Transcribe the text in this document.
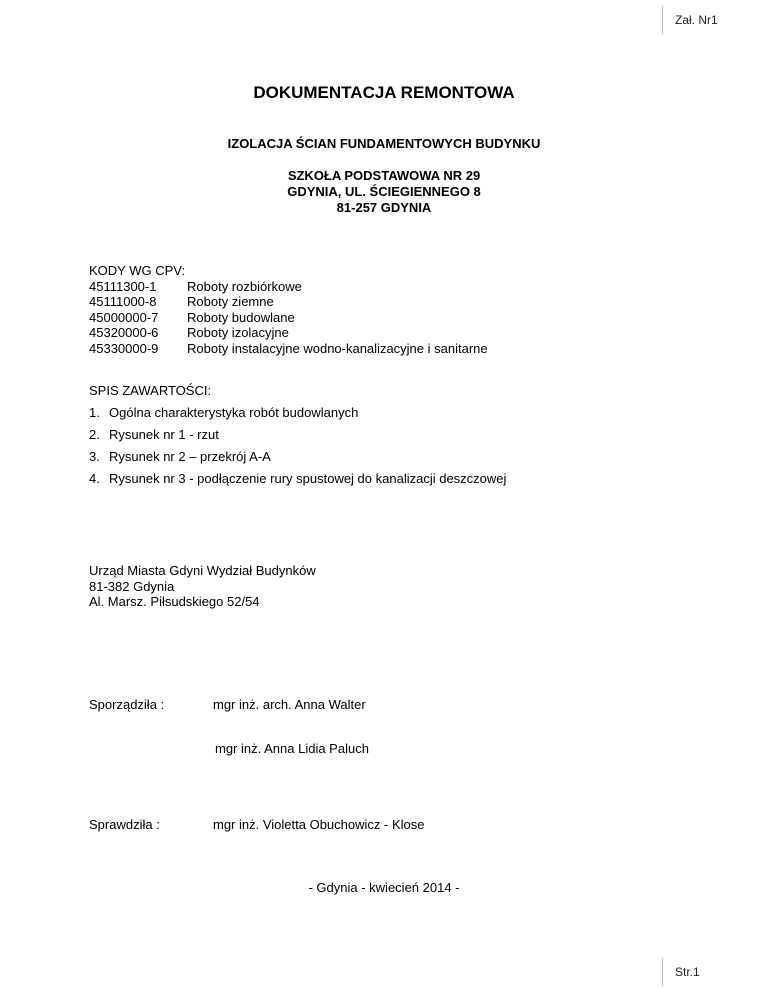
Zał. Nr1
DOKUMENTACJA REMONTOWA
IZOLACJA ŚCIAN FUNDAMENTOWYCH BUDYNKU
SZKOŁA PODSTAWOWA NR 29
GDYNIA, UL. ŚCIEGIENNEGO 8
81-257 GDYNIA
KODY WG CPV:
45111300-1	Roboty rozbiórkowe
45111000-8	Roboty ziemne
45000000-7	Roboty budowlane
45320000-6	Roboty izolacyjne
45330000-9	Roboty instalacyjne wodno-kanalizacyjne i sanitarne
SPIS ZAWARTOŚCI:
1. Ogólna charakterystyka robót budowlanych
2. Rysunek nr 1 - rzut
3. Rysunek nr 2 – przekrój A-A
4. Rysunek nr 3 - podłączenie rury spustowej do kanalizacji deszczowej
Urząd Miasta Gdyni Wydział Budynków
81-382 Gdynia
Al. Marsz. Piłsudskiego 52/54
Sporządziła :	mgr inż. arch. Anna Walter
mgr inż. Anna Lidia Paluch
Sprawdziła :	mgr inż. Violetta Obuchowicz - Klose
- Gdynia - kwiecień 2014 -
Str.1
